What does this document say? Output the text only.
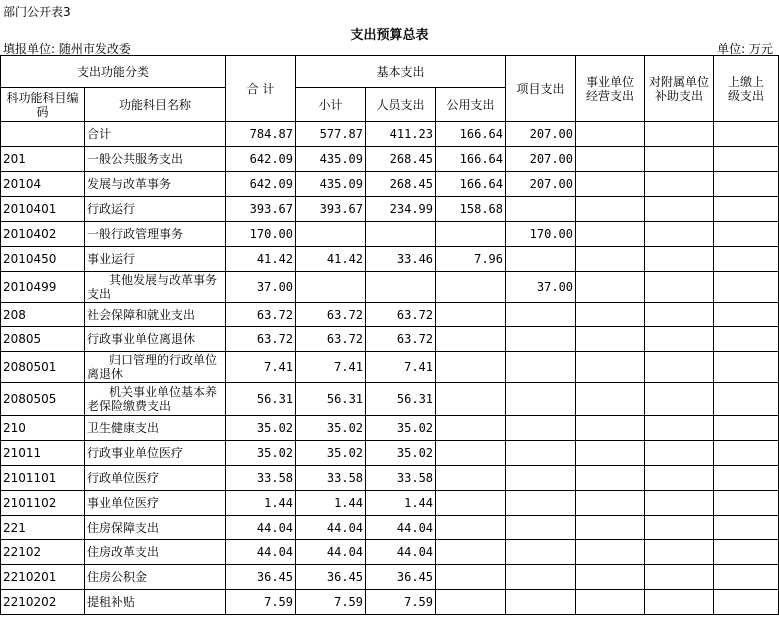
部门公开表3
支出预算总表
填报单位: 随州市发改委	单位: 万元
支出功能分类		合 计	基本支出			项目支出	事业单位经营支出	对附属单位补助支出	上缴上级支出
科功能科目编码	功能科目名称		小计	人员支出	公用支出				
	合计	784.87	577.87	411.23	166.64	207.00			
201	一般公共服务支出	642.09	435.09	268.45	166.64	207.00			
20104	发展与改革事务	642.09	435.09	268.45	166.64	207.00			
2010401	行政运行	393.67	393.67	234.99	158.68				
2010402	一般行政管理事务	170.00				170.00			
2010450	事业运行	41.42	41.42	33.46	7.96				
2010499	其他发展与改革事务
支出	37.00				37.00			
208	社会保障和就业支出	63.72	63.72	63.72					
20805	行政事业单位离退休	63.72	63.72	63.72					
2080501	归口管理的行政单位
离退休	7.41	7.41	7.41					
2080505	机关事业单位基本养
老保险缴费支出	56.31	56.31	56.31					
210	卫生健康支出	35.02	35.02	35.02					
21011	行政事业单位医疗	35.02	35.02	35.02					
2101101	行政单位医疗	33.58	33.58	33.58					
2101102	事业单位医疗	1.44	1.44	1.44					
221	住房保障支出	44.04	44.04	44.04					
22102	住房改革支出	44.04	44.04	44.04					
2210201	住房公积金	36.45	36.45	36.45					
2210202	提租补贴	7.59	7.59	7.59					
